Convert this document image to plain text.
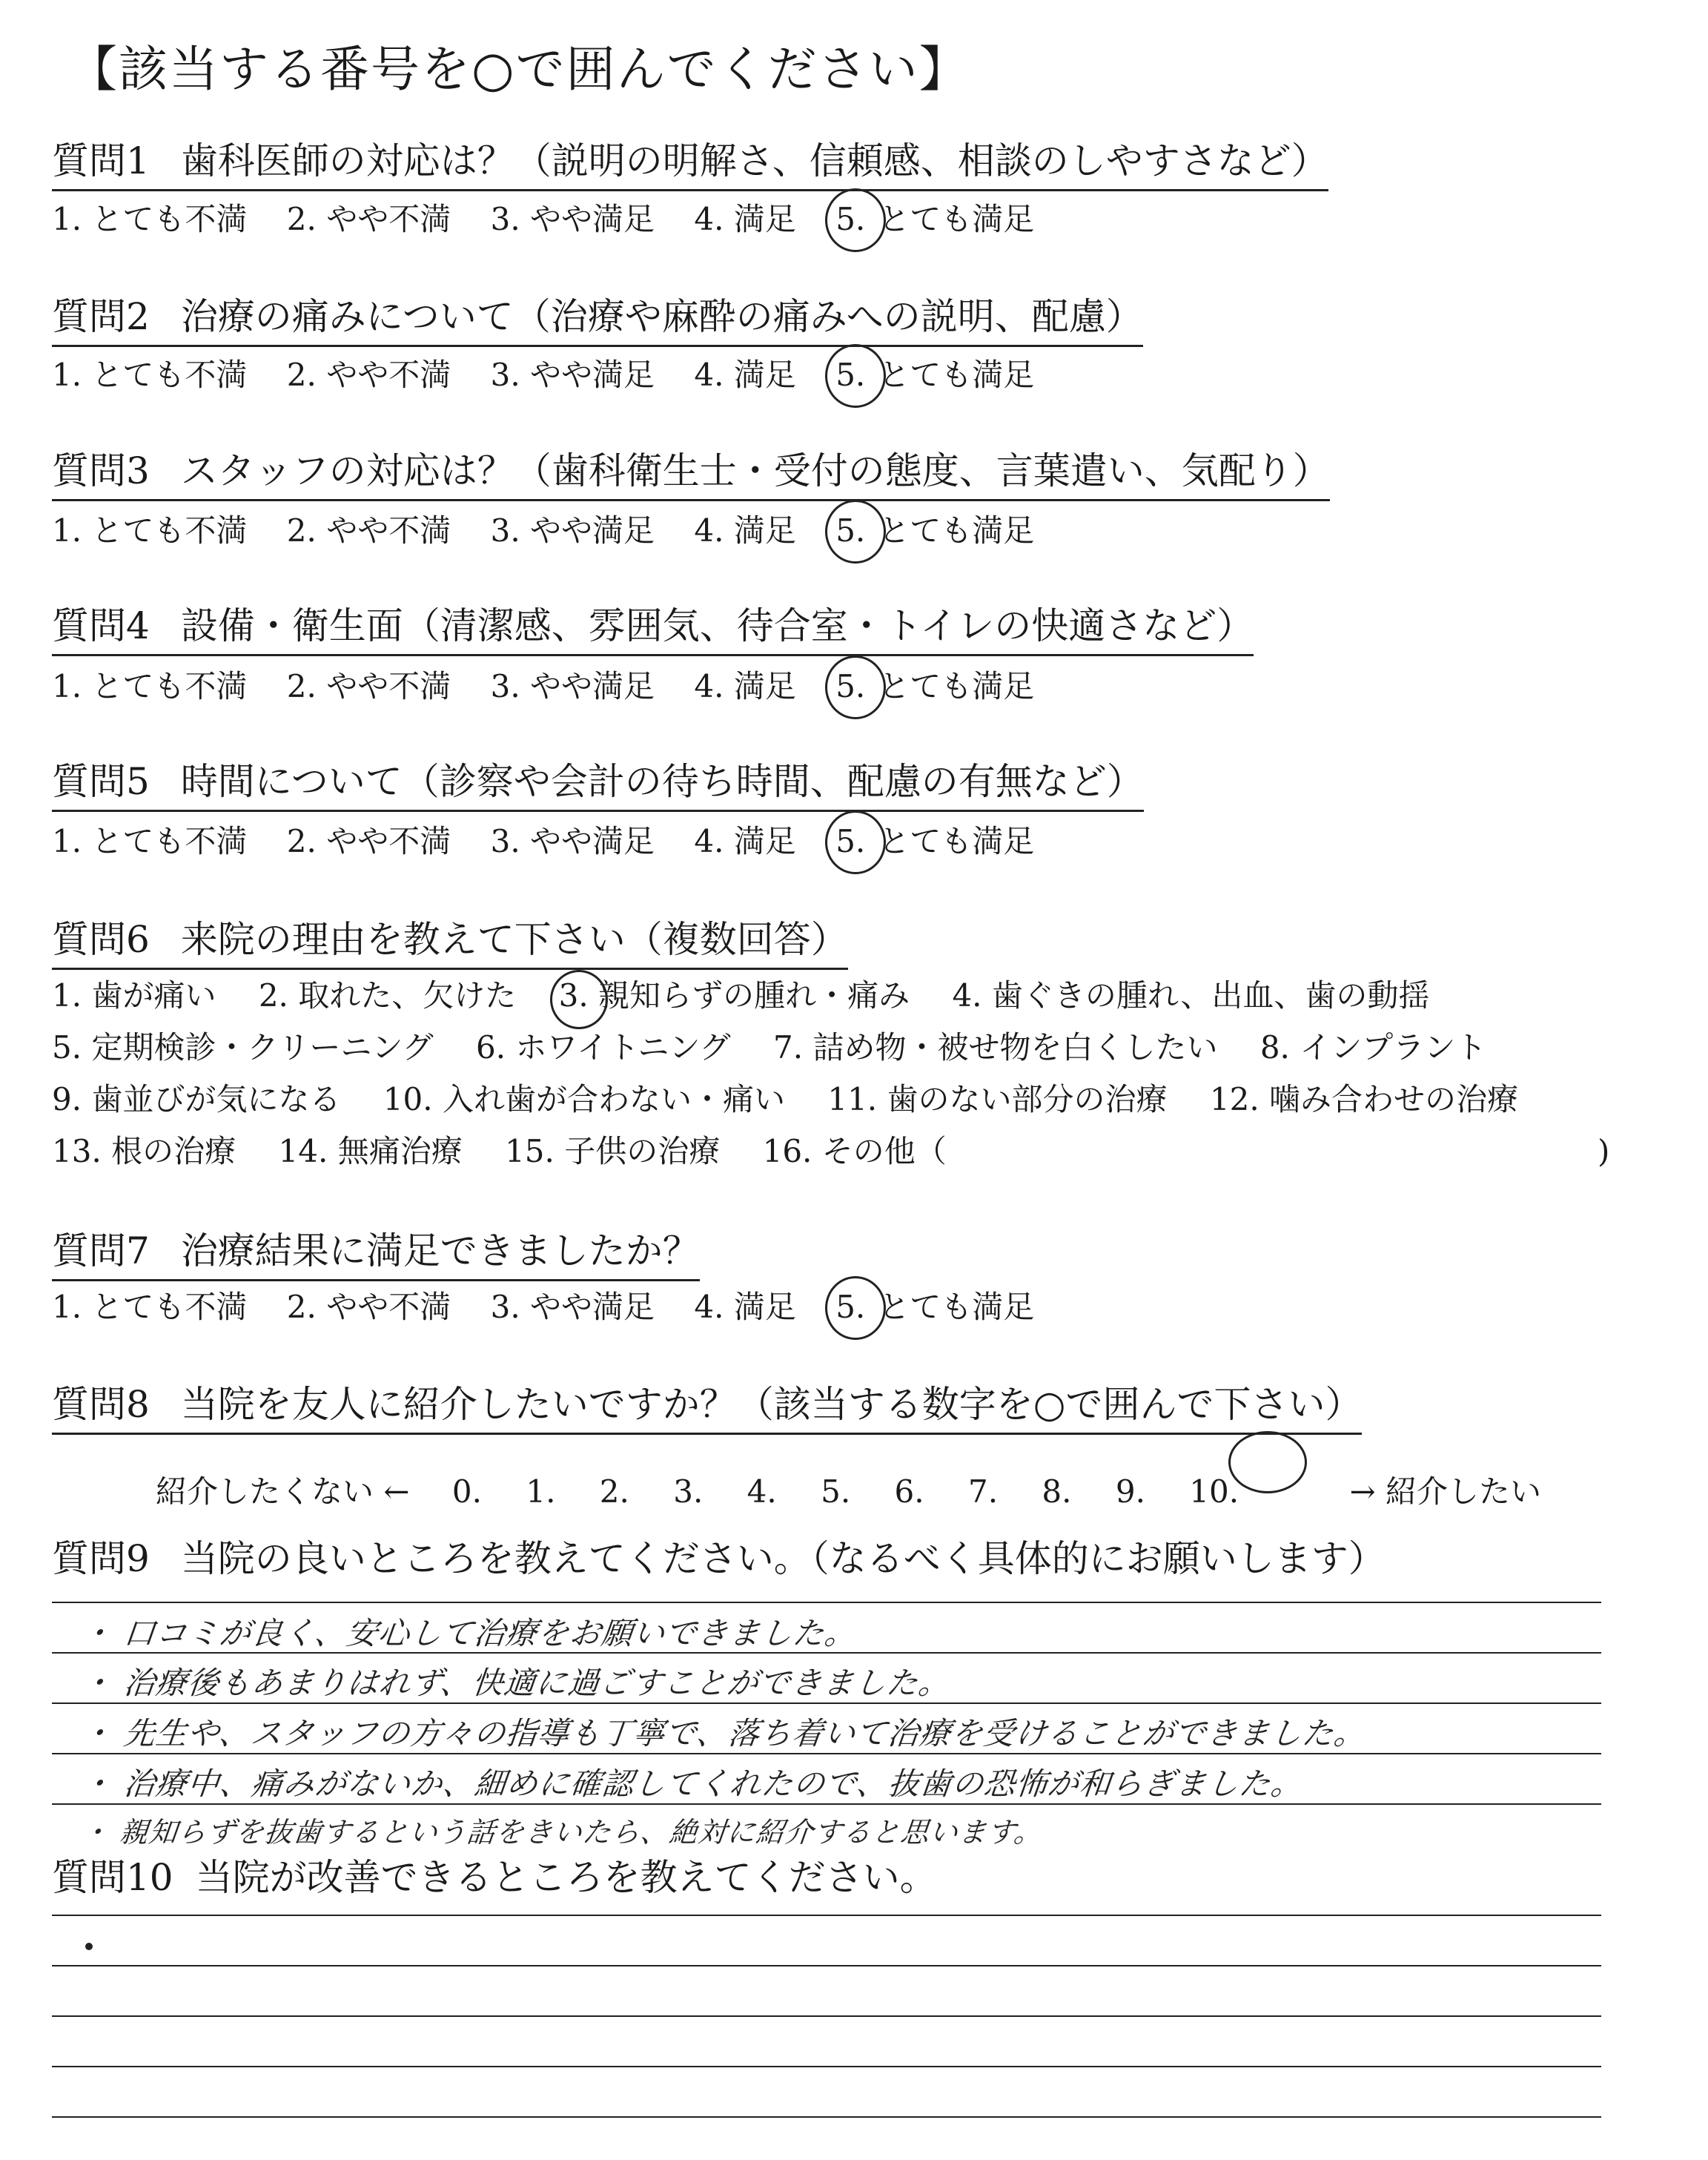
【該当する番号を○で囲んでください】
質問1 歯科医師の対応は？（説明の明解さ、信頼感、相談のしやすさなど）
1. とても不満 2. やや不満 3. やや満足 4. 満足 5. とても満足
質問2 治療の痛みについて（治療や麻酔の痛みへの説明、配慮）
1. とても不満 2. やや不満 3. やや満足 4. 満足 5. とても満足
質問3 スタッフの対応は？（歯科衛生士・受付の態度、言葉遣い、気配り）
1. とても不満 2. やや不満 3. やや満足 4. 満足 5. とても満足
質問4 設備・衛生面（清潔感、雰囲気、待合室・トイレの快適さなど）
1. とても不満 2. やや不満 3. やや満足 4. 満足 5. とても満足
質問5 時間について（診察や会計の待ち時間、配慮の有無など）
1. とても不満 2. やや不満 3. やや満足 4. 満足 5. とても満足
質問6 来院の理由を教えて下さい（複数回答）
1. 歯が痛い 2. 取れた、欠けた 3. 親知らずの腫れ・痛み 4. 歯ぐきの腫れ、出血、歯の動揺
5. 定期検診・クリーニング 6. ホワイトニング 7. 詰め物・被せ物を白くしたい 8. インプラント
9. 歯並びが気になる 10. 入れ歯が合わない・痛い 11. 歯のない部分の治療 12. 噛み合わせの治療
13. 根の治療 14. 無痛治療 15. 子供の治療 16. その他（	)
質問7 治療結果に満足できましたか？
1. とても不満 2. やや不満 3. やや満足 4. 満足 5. とても満足
質問8 当院を友人に紹介したいですか？（該当する数字を○で囲んで下さい）
紹介したくない ← 0. 1. 2. 3. 4. 5. 6. 7. 8. 9. 10.	→ 紹介したい
質問9 当院の良いところを教えてください。（なるべく具体的にお願いします）
・ 口コミが良く、安心して治療をお願いできました。
・ 治療後もあまりはれず、快適に過ごすことができました。
・ 先生や、スタッフの方々の指導も丁寧で、落ち着いて治療を受けることができました。
・ 治療中、痛みがないか、細めに確認してくれたので、抜歯の恐怖が和らぎました。
・ 親知らずを抜歯するという話をきいたら、絶対に紹介すると思います。
質問10 当院が改善できるところを教えてください。
